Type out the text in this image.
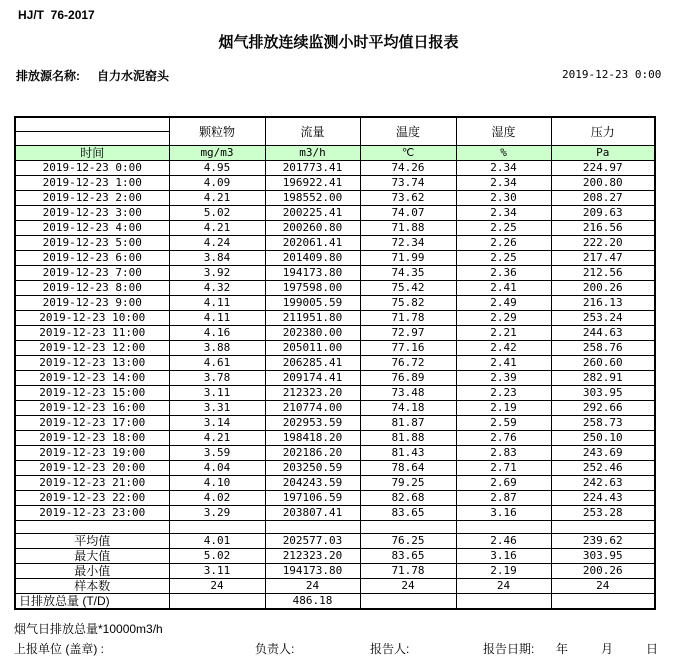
HJ/T  76-2017
烟气排放连续监测小时平均值日报表
排放源名称: 自力水泥窑头	2019-12-23 0:00
	颗粒物	流量	温度	湿度	压力

时间	mg/m3	m3/h	℃	%	Pa
2019-12-23 0:00	4.95	201773.41	74.26	2.34	224.97
2019-12-23 1:00	4.09	196922.41	73.74	2.34	200.80
2019-12-23 2:00	4.21	198552.00	73.62	2.30	208.27
2019-12-23 3:00	5.02	200225.41	74.07	2.34	209.63
2019-12-23 4:00	4.21	200260.80	71.88	2.25	216.56
2019-12-23 5:00	4.24	202061.41	72.34	2.26	222.20
2019-12-23 6:00	3.84	201409.80	71.99	2.25	217.47
2019-12-23 7:00	3.92	194173.80	74.35	2.36	212.56
2019-12-23 8:00	4.32	197598.00	75.42	2.41	200.26
2019-12-23 9:00	4.11	199005.59	75.82	2.49	216.13
2019-12-23 10:00	4.11	211951.80	71.78	2.29	253.24
2019-12-23 11:00	4.16	202380.00	72.97	2.21	244.63
2019-12-23 12:00	3.88	205011.00	77.16	2.42	258.76
2019-12-23 13:00	4.61	206285.41	76.72	2.41	260.60
2019-12-23 14:00	3.78	209174.41	76.89	2.39	282.91
2019-12-23 15:00	3.11	212323.20	73.48	2.23	303.95
2019-12-23 16:00	3.31	210774.00	74.18	2.19	292.66
2019-12-23 17:00	3.14	202953.59	81.87	2.59	258.73
2019-12-23 18:00	4.21	198418.20	81.88	2.76	250.10
2019-12-23 19:00	3.59	202186.20	81.43	2.83	243.69
2019-12-23 20:00	4.04	203250.59	78.64	2.71	252.46
2019-12-23 21:00	4.10	204243.59	79.25	2.69	242.63
2019-12-23 22:00	4.02	197106.59	82.68	2.87	224.43
2019-12-23 23:00	3.29	203807.41	83.65	3.16	253.28

平均值	4.01	202577.03	76.25	2.46	239.62
最大值	5.02	212323.20	83.65	3.16	303.95
最小值	3.11	194173.80	71.78	2.19	200.26
样本数	24	24	24	24	24
日排放总量 (T/D)		486.18			
烟气日排放总量*10000m3/h
上报单位 (盖章) :	负责人:	报告人:	报告日期: 年	月	日
